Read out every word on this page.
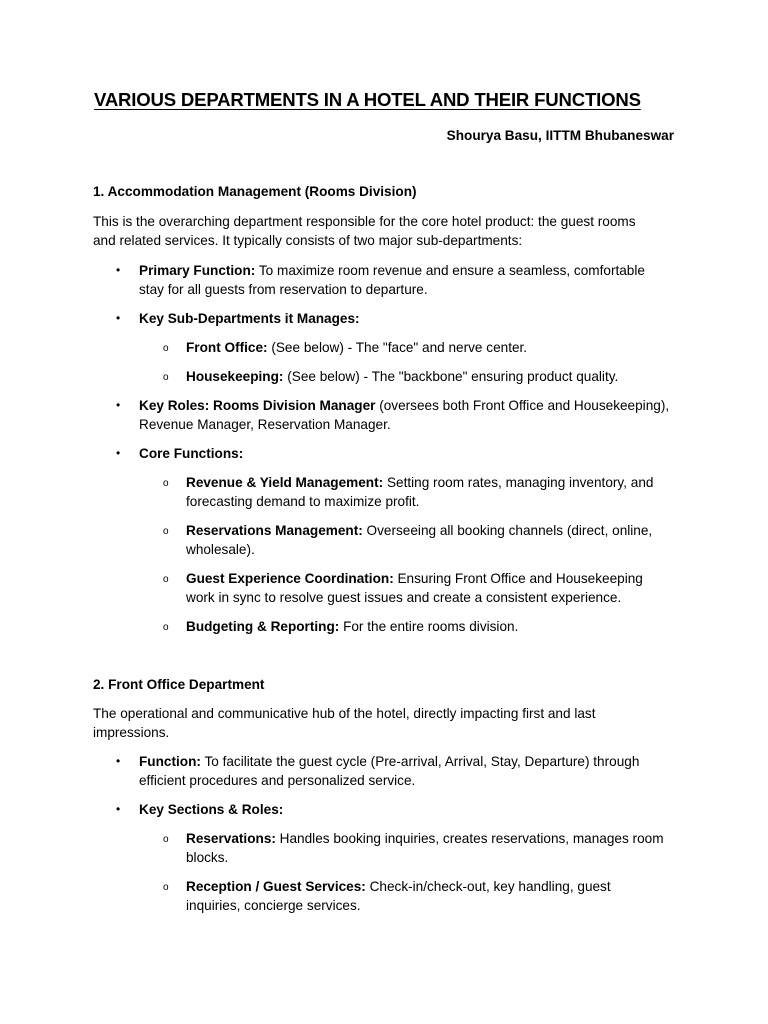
VARIOUS DEPARTMENTS IN A HOTEL AND THEIR FUNCTIONS
Shourya Basu, IITTM Bhubaneswar
1. Accommodation Management (Rooms Division)
This is the overarching department responsible for the core hotel product: the guest rooms
and related services. It typically consists of two major sub-departments:
• Primary Function: To maximize room revenue and ensure a seamless, comfortable
stay for all guests from reservation to departure.
• Key Sub-Departments it Manages:
o Front Office: (See below) - The "face" and nerve center.
o Housekeeping: (See below) - The "backbone" ensuring product quality.
• Key Roles: Rooms Division Manager (oversees both Front Office and Housekeeping),
Revenue Manager, Reservation Manager.
• Core Functions:
o Revenue & Yield Management: Setting room rates, managing inventory, and
forecasting demand to maximize profit.
o Reservations Management: Overseeing all booking channels (direct, online,
wholesale).
o Guest Experience Coordination: Ensuring Front Office and Housekeeping
work in sync to resolve guest issues and create a consistent experience.
o Budgeting & Reporting: For the entire rooms division.
2. Front Office Department
The operational and communicative hub of the hotel, directly impacting first and last
impressions.
• Function: To facilitate the guest cycle (Pre-arrival, Arrival, Stay, Departure) through
efficient procedures and personalized service.
• Key Sections & Roles:
o Reservations: Handles booking inquiries, creates reservations, manages room
blocks.
o Reception / Guest Services: Check-in/check-out, key handling, guest
inquiries, concierge services.
